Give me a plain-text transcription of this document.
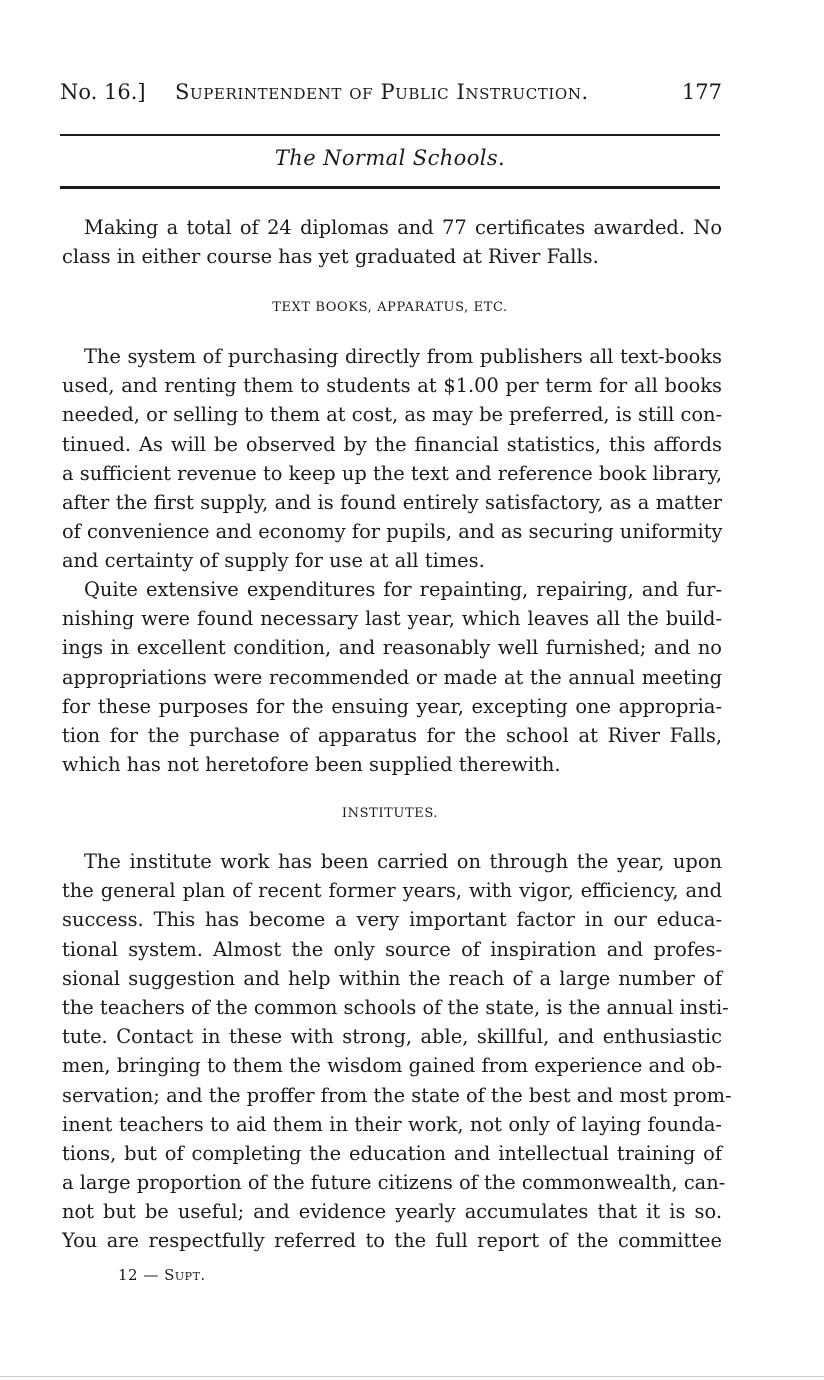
No. 16.] Superintendent of Public Instruction.	177
The Normal Schools.
Making a total of 24 diplomas and 77 certificates awarded. No
class in either course has yet graduated at River Falls.
TEXT BOOKS, APPARATUS, ETC.
The system of purchasing directly from publishers all text-books
used, and renting them to students at $1.00 per term for all books
needed, or selling to them at cost, as may be preferred, is still con-
tinued. As will be observed by the financial statistics, this affords
a sufficient revenue to keep up the text and reference book library,
after the first supply, and is found entirely satisfactory, as a matter
of convenience and economy for pupils, and as securing uniformity
and certainty of supply for use at all times.
Quite extensive expenditures for repainting, repairing, and fur-
nishing were found necessary last year, which leaves all the build-
ings in excellent condition, and reasonably well furnished; and no
appropriations were recommended or made at the annual meeting
for these purposes for the ensuing year, excepting one appropria-
tion for the purchase of apparatus for the school at River Falls,
which has not heretofore been supplied therewith.
INSTITUTES.
The institute work has been carried on through the year, upon
the general plan of recent former years, with vigor, efficiency, and
success. This has become a very important factor in our educa-
tional system. Almost the only source of inspiration and profes-
sional suggestion and help within the reach of a large number of
the teachers of the common schools of the state, is the annual insti-
tute. Contact in these with strong, able, skillful, and enthusiastic
men, bringing to them the wisdom gained from experience and ob-
servation; and the proffer from the state of the best and most prom-
inent teachers to aid them in their work, not only of laying founda-
tions, but of completing the education and intellectual training of
a large proportion of the future citizens of the commonwealth, can-
not but be useful; and evidence yearly accumulates that it is so.
You are respectfully referred to the full report of the committee
12 — Supt.
